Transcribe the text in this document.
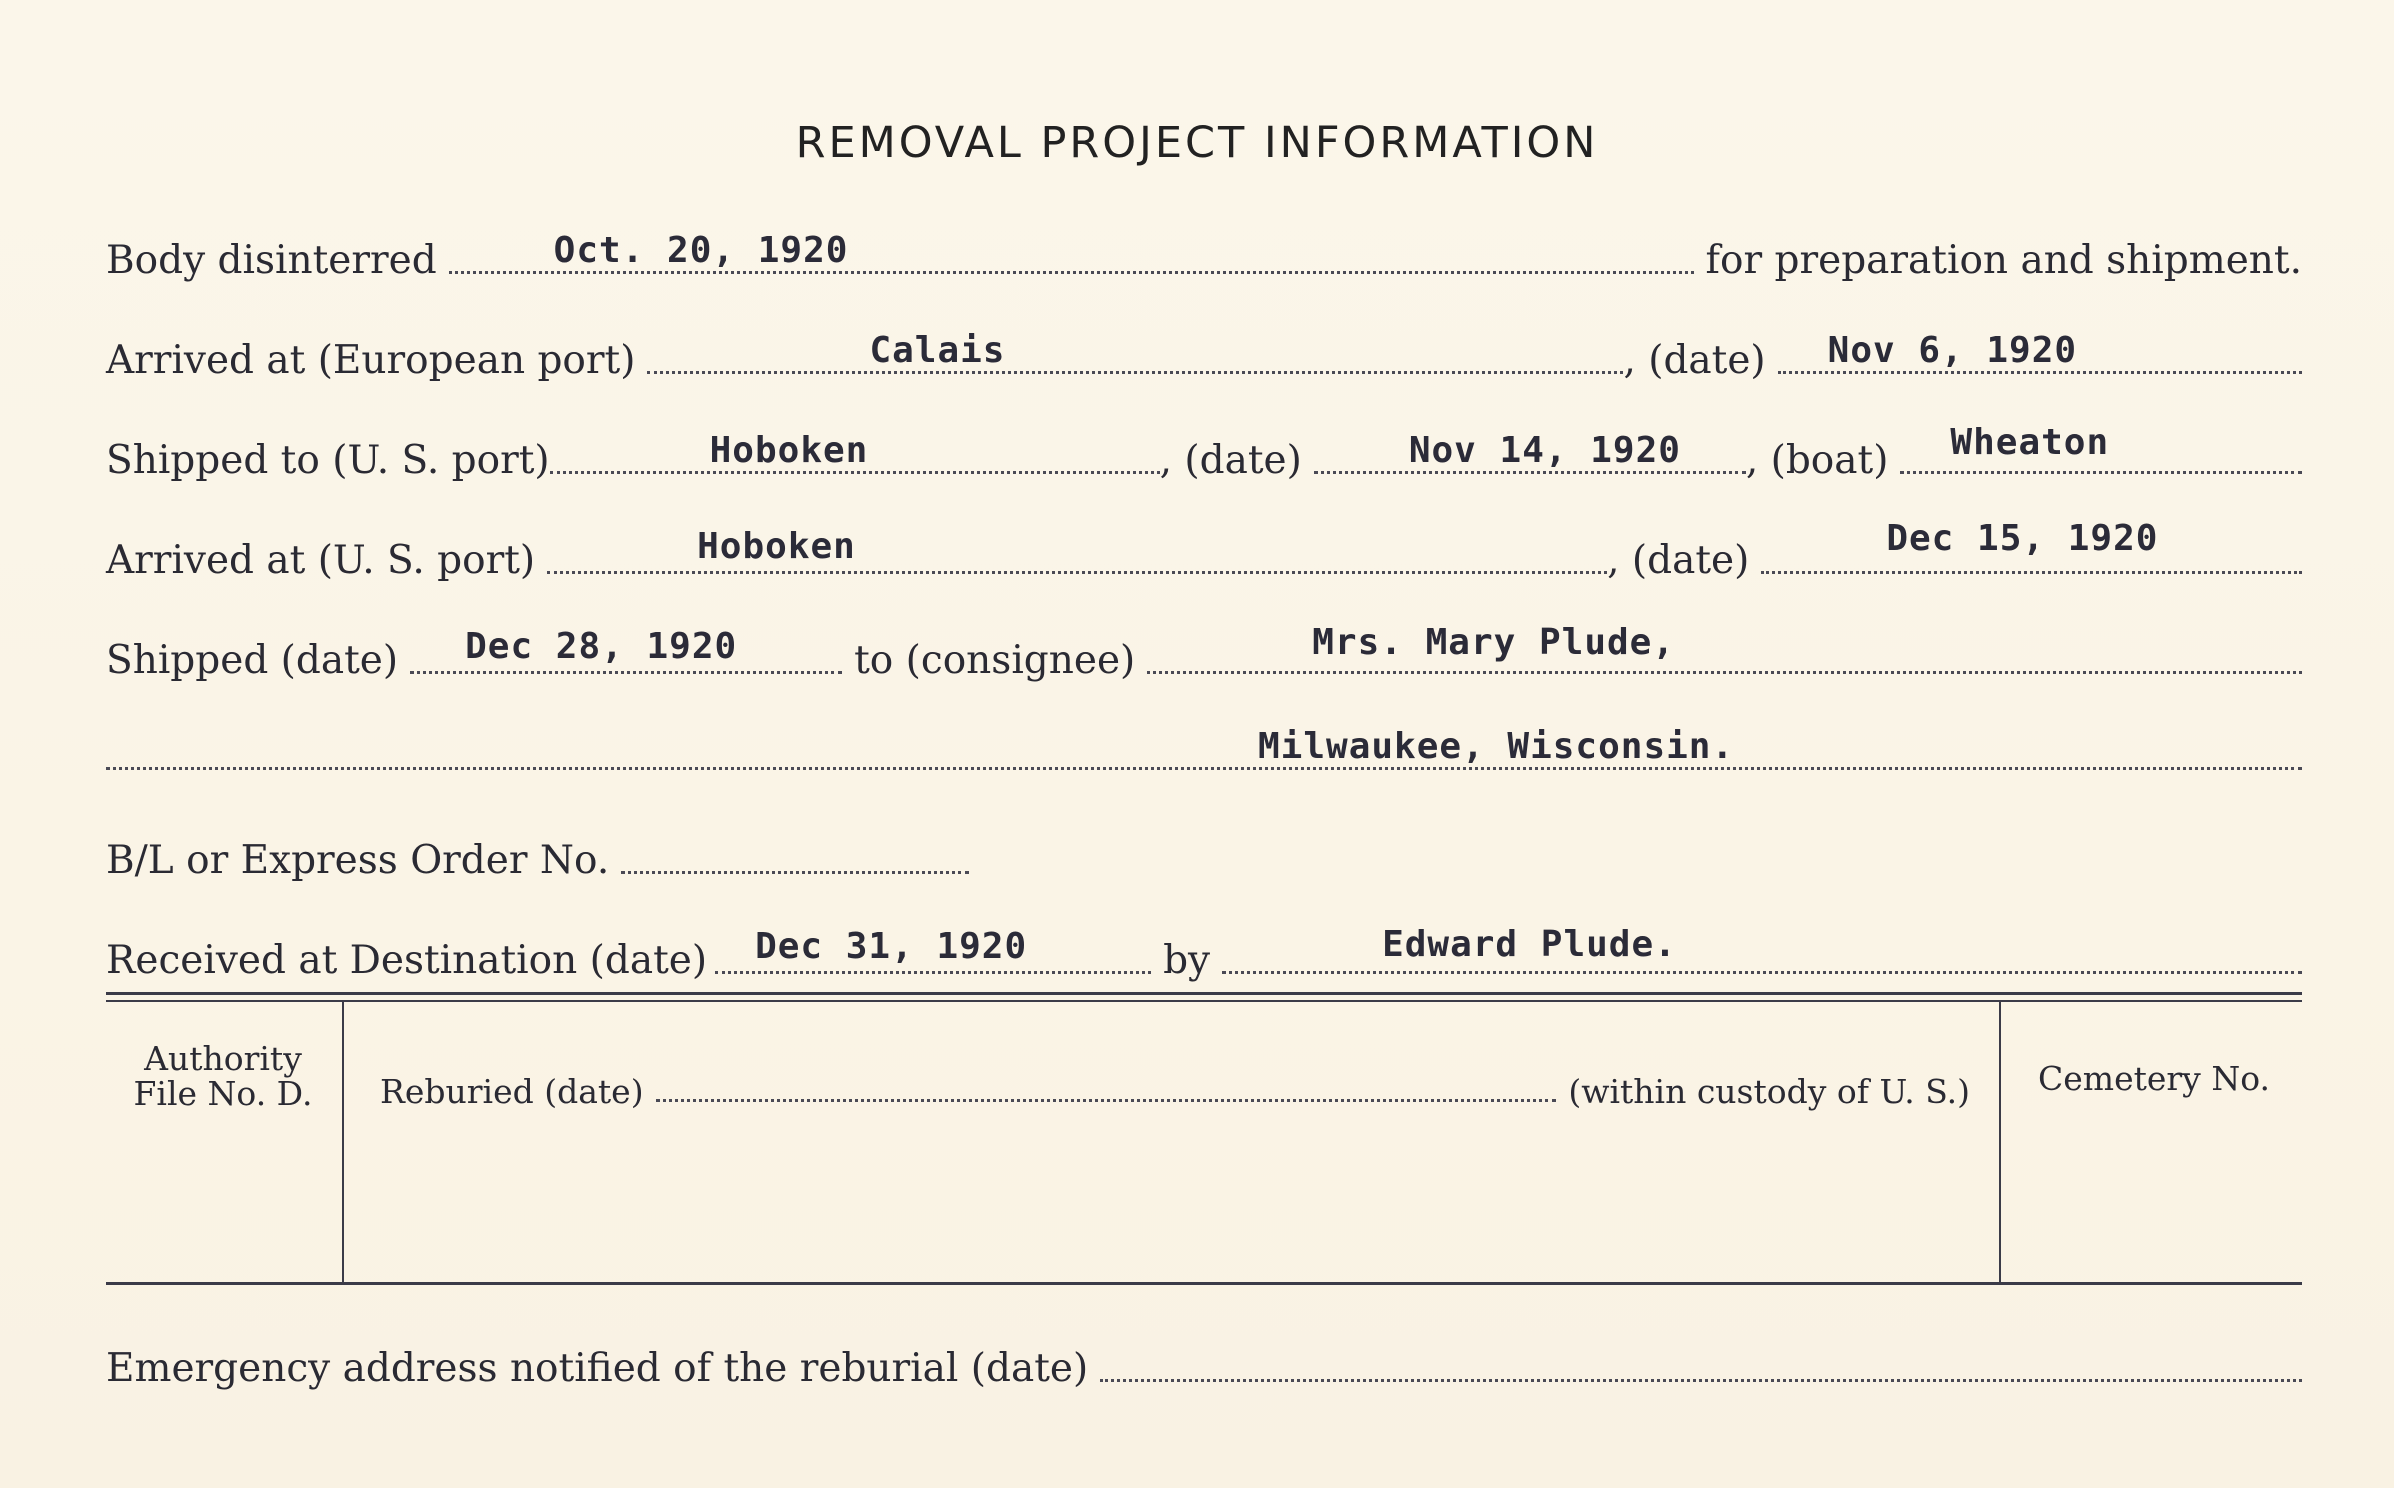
REMOVAL PROJECT INFORMATION
Body disinterred	Oct. 20, 1920	for preparation and shipment.
Arrived at (European port)	Calais	, (date) Nov 6, 1920
Shipped to (U. S. port)	Hoboken	, (date)	Nov 14, 1920 , (boat) Wheaton
Arrived at (U. S. port)	Hoboken	, (date)	Dec 15, 1920
Shipped (date) Dec 28, 1920	to (consignee)	Mrs. Mary Plude,
Milwaukee, Wisconsin.
B/L or Express Order No.
Received at Destination (date) Dec 31, 1920	by	Edward Plude.
Authority
File No. D.	Reburied (date)	(within custody of U. S.)	Cemetery No.
Emergency address notified of the reburial (date)
